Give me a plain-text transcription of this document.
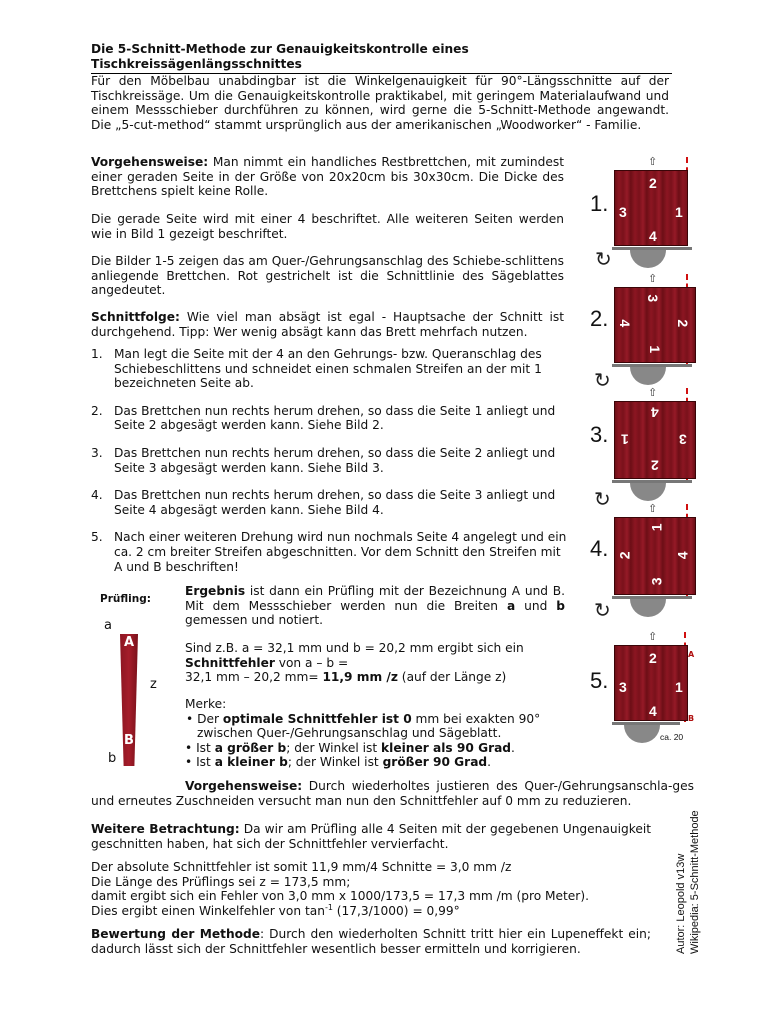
Die 5-Schnitt-Methode zur Genauigkeitskontrolle eines Tischkreissägenlängsschnittes
Für den Möbelbau unabdingbar ist die Winkelgenauigkeit für 90°-Längsschnitte auf der Tischkreissäge. Um die Genauigkeitskontrolle praktikabel, mit geringem Materialaufwand und einem Messschieber durchführen zu können, wird gerne die 5-Schnitt-Methode angewandt. Die „5-cut-method“ stammt ursprünglich aus der amerikanischen „Woodworker“ - Familie.
Vorgehensweise: Man nimmt ein handliches Restbrettchen, mit zumindest einer geraden Seite in der Größe von 20x20cm bis 30x30cm. Die Dicke des Brettchens spielt keine Rolle.
Die gerade Seite wird mit einer 4 beschriftet. Alle weiteren Seiten werden wie in Bild 1 gezeigt beschriftet.
Die Bilder 1-5 zeigen das am Quer-/Gehrungsanschlag des Schiebe-schlittens anliegende Brettchen. Rot gestrichelt ist die Schnittlinie des Sägeblattes angedeutet.
Schnittfolge: Wie viel man absägt ist egal - Hauptsache der Schnitt ist durchgehend. Tipp: Wer wenig absägt kann das Brett mehrfach nutzen.
1. Man legt die Seite mit der 4 an den Gehrungs- bzw. Queranschlag des Schiebeschlittens und schneidet einen schmalen Streifen an der mit 1 bezeichneten Seite ab.
2. Das Brettchen nun rechts herum drehen, so dass die Seite 1 anliegt und Seite 2 abgesägt werden kann. Siehe Bild 2.
3. Das Brettchen nun rechts herum drehen, so dass die Seite 2 anliegt und Seite 3 abgesägt werden kann. Siehe Bild 3.
4. Das Brettchen nun rechts herum drehen, so dass die Seite 3 anliegt und Seite 4 abgesägt werden kann. Siehe Bild 4.
5. Nach einer weiteren Drehung wird nun nochmals Seite 4 angelegt und ein ca. 2 cm breiter Streifen abgeschnitten. Vor dem Schnitt den Streifen mit A und B beschriften!
Prüfling:
a
A
B
z
b
Ergebnis ist dann ein Prüfling mit der Bezeichnung A und B. Mit dem Messschieber werden nun die Breiten a und b gemessen und notiert.
Sind z.B. a = 32,1 mm und b = 20,2 mm ergibt sich ein
Schnittfehler von a – b =
32,1 mm – 20,2 mm= 11,9 mm /z (auf der Länge z)
Merke:
• Der optimale Schnittfehler ist 0 mm bei exakten 90° zwischen Quer-/Gehrungsanschlag und Sägeblatt.
• Ist a größer b; der Winkel ist kleiner als 90 Grad.
• Ist a kleiner b; der Winkel ist größer 90 Grad.
Vorgehensweise: Durch wiederholtes justieren des Quer-/Gehrungsanschla-ges und erneutes Zuschneiden versucht man nun den Schnittfehler auf 0 mm zu reduzieren.
Weitere Betrachtung: Da wir am Prüfling alle 4 Seiten mit der gegebenen Ungenauigkeit geschnitten haben, hat sich der Schnittfehler vervierfacht.
Der absolute Schnittfehler ist somit 11,9 mm/4 Schnitte = 3,0 mm /z
Die Länge des Prüflings sei z = 173,5 mm;
damit ergibt sich ein Fehler von 3,0 mm x 1000/173,5 = 17,3 mm /m (pro Meter).
Dies ergibt einen Winkelfehler von $\tan^{-1} (17,3/1000) = 0,99^\circ$
Bewertung der Methode: Durch den wiederholten Schnitt tritt hier ein Lupeneffekt ein; dadurch lässt sich der Schnittfehler wesentlich besser ermitteln und korrigieren.	Autor: Leopold v13w Wikipedia: 5-Schnitt-Methode
⇧
2
3	1
4
1.
↻
⇧
3
4	2
1
2.
↻
⇧
4
1	3
2
3.
↻	⇧
1
2	4
3
4.
↻
⇧
2
3	1
4
A
B
5.
ca. 20
